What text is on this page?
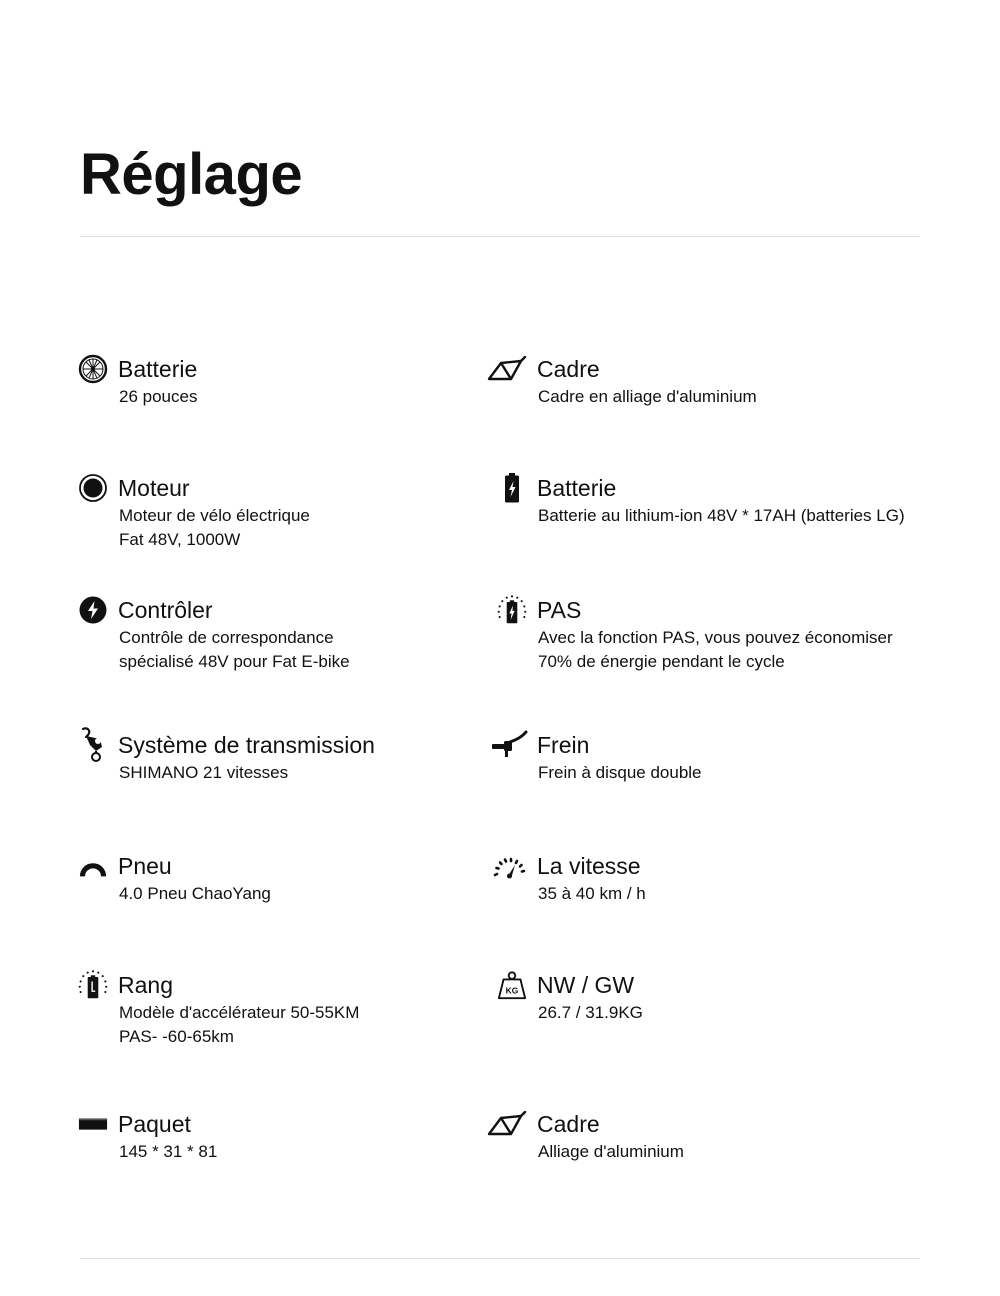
Réglage
Batterie
26 pouces
Moteur
Moteur de vélo électrique
Fat 48V, 1000W
Contrôler
Contrôle de correspondance
spécialisé 48V pour Fat E-bike
Système de transmission
SHIMANO 21 vitesses
Pneu
4.0 Pneu ChaoYang
Rang
Modèle d'accélérateur 50-55KM
PAS- -60-65km
Paquet
145 * 31 * 81
Cadre
Cadre en alliage d'aluminium
Batterie
Batterie au lithium-ion 48V * 17AH (batteries LG)
PAS
Avec la fonction PAS, vous pouvez économiser
70% de énergie pendant le cycle
Frein
Frein à disque double
La vitesse
35 à 40 km / h
KG NW / GW
26.7 / 31.9KG
Cadre
Alliage d'aluminium
